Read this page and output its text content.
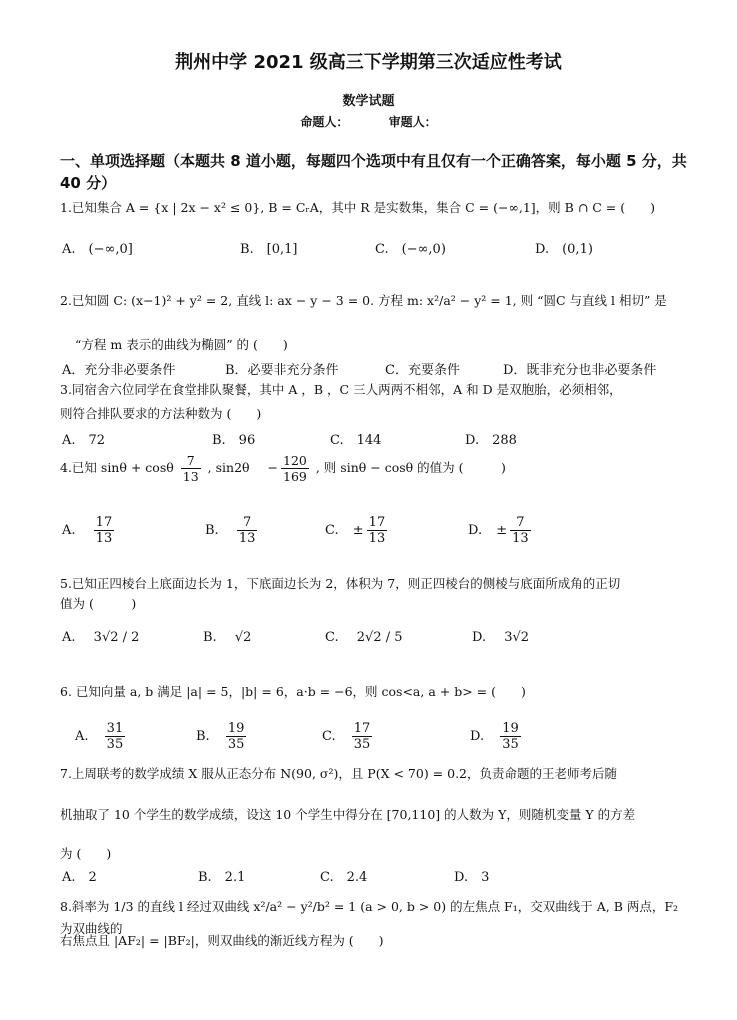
荆州中学 2021 级高三下学期第三次适应性考试
数学试题
命题人：	审题人：
一、单项选择题（本题共 8 道小题，每题四个选项中有且仅有一个正确答案，每小题 5 分，共 40 分）
1.已知集合 A = {x | 2x − x² ≤ 0}, B = CᵣA，其中 R 是实数集，集合 C = (−∞,1]，则 B ∩ C = (　　)
A.　(−∞,0]	B.　[0,1]	C.　(−∞,0)	D.　(0,1)
2.已知圆 C: (x−1)² + y² = 2, 直线 l: ax − y − 3 = 0. 方程 m: x²/a² − y² = 1, 则 “圆C 与直线 l 相切” 是
“方程 m 表示的曲线为椭圆” 的 (　　)
A．充分非必要条件	B．必要非充分条件	C．充要条件	D．既非充分也非必要条件
3.同宿舍六位同学在食堂排队聚餐，其中 A ，B ，C 三人两两不相邻，A 和 D 是双胞胎，必须相邻，
则符合排队要求的方法种数为 (　　)
A.　72	B.　96	C.　144	D.　288
4.已知 sinθ + cosθ $\frac{7}{13}$ , $\sin 2\theta - \frac{120}{169}$ , 则 sinθ − cosθ 的值为 (　　　)
A. $\frac{17}{13}$	B. $\frac{7}{13}$	C. ± $\frac{17}{13}$	D. ± $\frac{7}{13}$
5.已知正四棱台上底面边长为 1，下底面边长为 2，体积为 7，则正四棱台的侧棱与底面所成角的正切
值为 (　　　)
A. 3√2 / 2	B. √2	C. 2√2 / 5	D. 3√2
6. 已知向量 a, b 满足 |a| = 5，|b| = 6，a·b = −6，则 cos<a, a + b> = (　　)
A. $\frac{31}{35}$	B. $\frac{19}{35}$	C. $\frac{17}{35}$	D. $\frac{19}{35}$
7.上周联考的数学成绩 X 服从正态分布 N(90, σ²)，且 P(X < 70) = 0.2，负责命题的王老师考后随
机抽取了 10 个学生的数学成绩，设这 10 个学生中得分在 [70,110] 的人数为 Y，则随机变量 Y 的方差
为 (　　)
A.　2	B.　2.1	C.　2.4	D.　3
8.斜率为 1/3 的直线 l 经过双曲线 x²/a² − y²/b² = 1 (a > 0, b > 0) 的左焦点 F₁，交双曲线于 A, B 两点，F₂ 为双曲线的
右焦点且 |AF₂| = |BF₂|，则双曲线的渐近线方程为 (　　)
